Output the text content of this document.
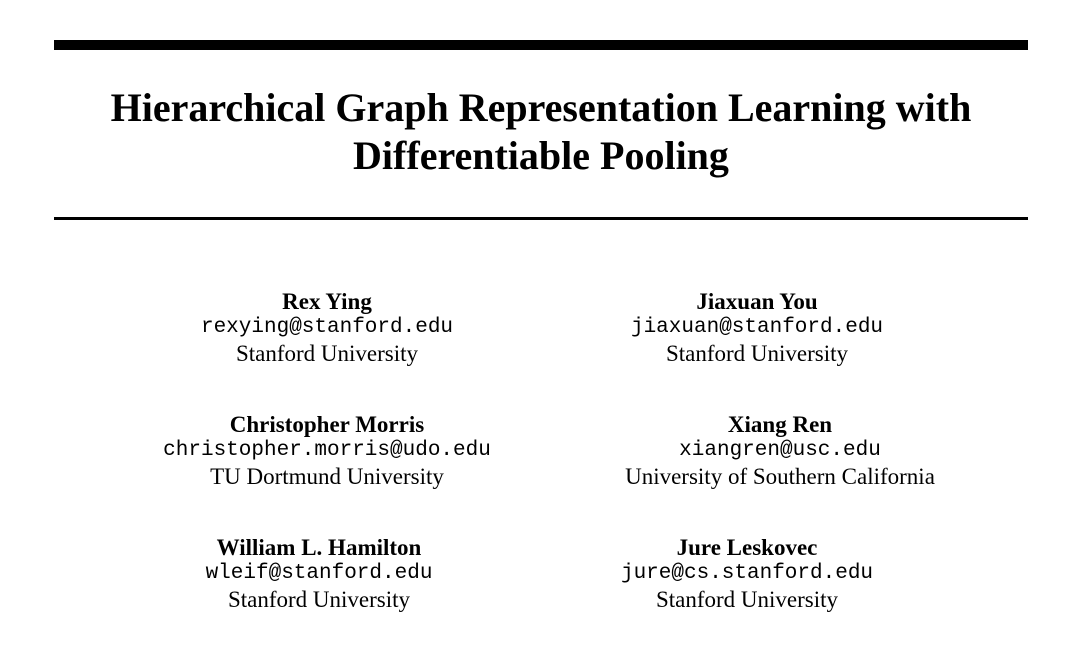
Hierarchical Graph Representation Learning with
Differentiable Pooling
Rex Ying
rexying@stanford.edu
Stanford University
Jiaxuan You
jiaxuan@stanford.edu
Stanford University
Christopher Morris
christopher.morris@udo.edu
TU Dortmund University
Xiang Ren
xiangren@usc.edu
University of Southern California
William L. Hamilton
wleif@stanford.edu
Stanford University
Jure Leskovec
jure@cs.stanford.edu
Stanford University
